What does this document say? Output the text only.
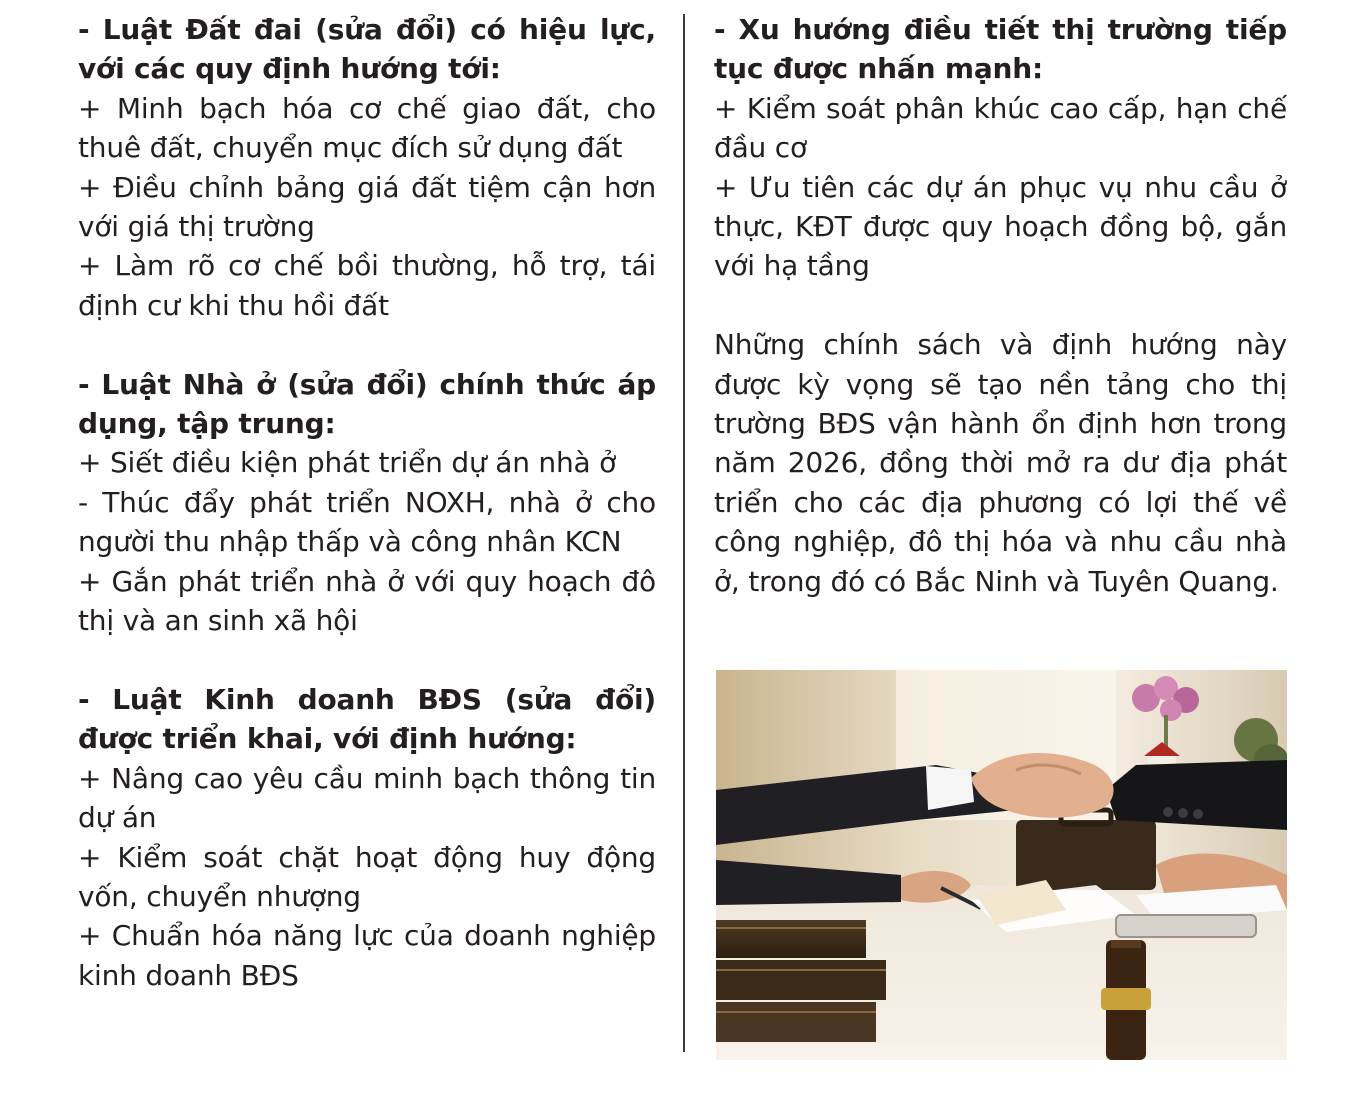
- Luật Đất đai (sửa đổi) có hiệu lực, với các quy định hướng tới:
+ Minh bạch hóa cơ chế giao đất, cho thuê đất, chuyển mục đích sử dụng đất
+ Điều chỉnh bảng giá đất tiệm cận hơn với giá thị trường
+ Làm rõ cơ chế bồi thường, hỗ trợ, tái định cư khi thu hồi đất

- Luật Nhà ở (sửa đổi) chính thức áp dụng, tập trung:
+ Siết điều kiện phát triển dự án nhà ở
- Thúc đẩy phát triển NOXH, nhà ở cho người thu nhập thấp và công nhân KCN
+ Gắn phát triển nhà ở với quy hoạch đô thị và an sinh xã hội

- Luật Kinh doanh BĐS (sửa đổi) được triển khai, với định hướng:
+ Nâng cao yêu cầu minh bạch thông tin dự án
+ Kiểm soát chặt hoạt động huy động vốn, chuyển nhượng
+ Chuẩn hóa năng lực của doanh nghiệp kinh doanh BĐS

- Xu hướng điều tiết thị trường tiếp tục được nhấn mạnh:
+ Kiểm soát phân khúc cao cấp, hạn chế đầu cơ
+ Ưu tiên các dự án phục vụ nhu cầu ở thực, KĐT được quy hoạch đồng bộ, gắn với hạ tầng

Những chính sách và định hướng này được kỳ vọng sẽ tạo nền tảng cho thị trường BĐS vận hành ổn định hơn trong năm 2026, đồng thời mở ra dư địa phát triển cho các địa phương có lợi thế về công nghiệp, đô thị hóa và nhu cầu nhà ở, trong đó có Bắc Ninh và Tuyên Quang.
